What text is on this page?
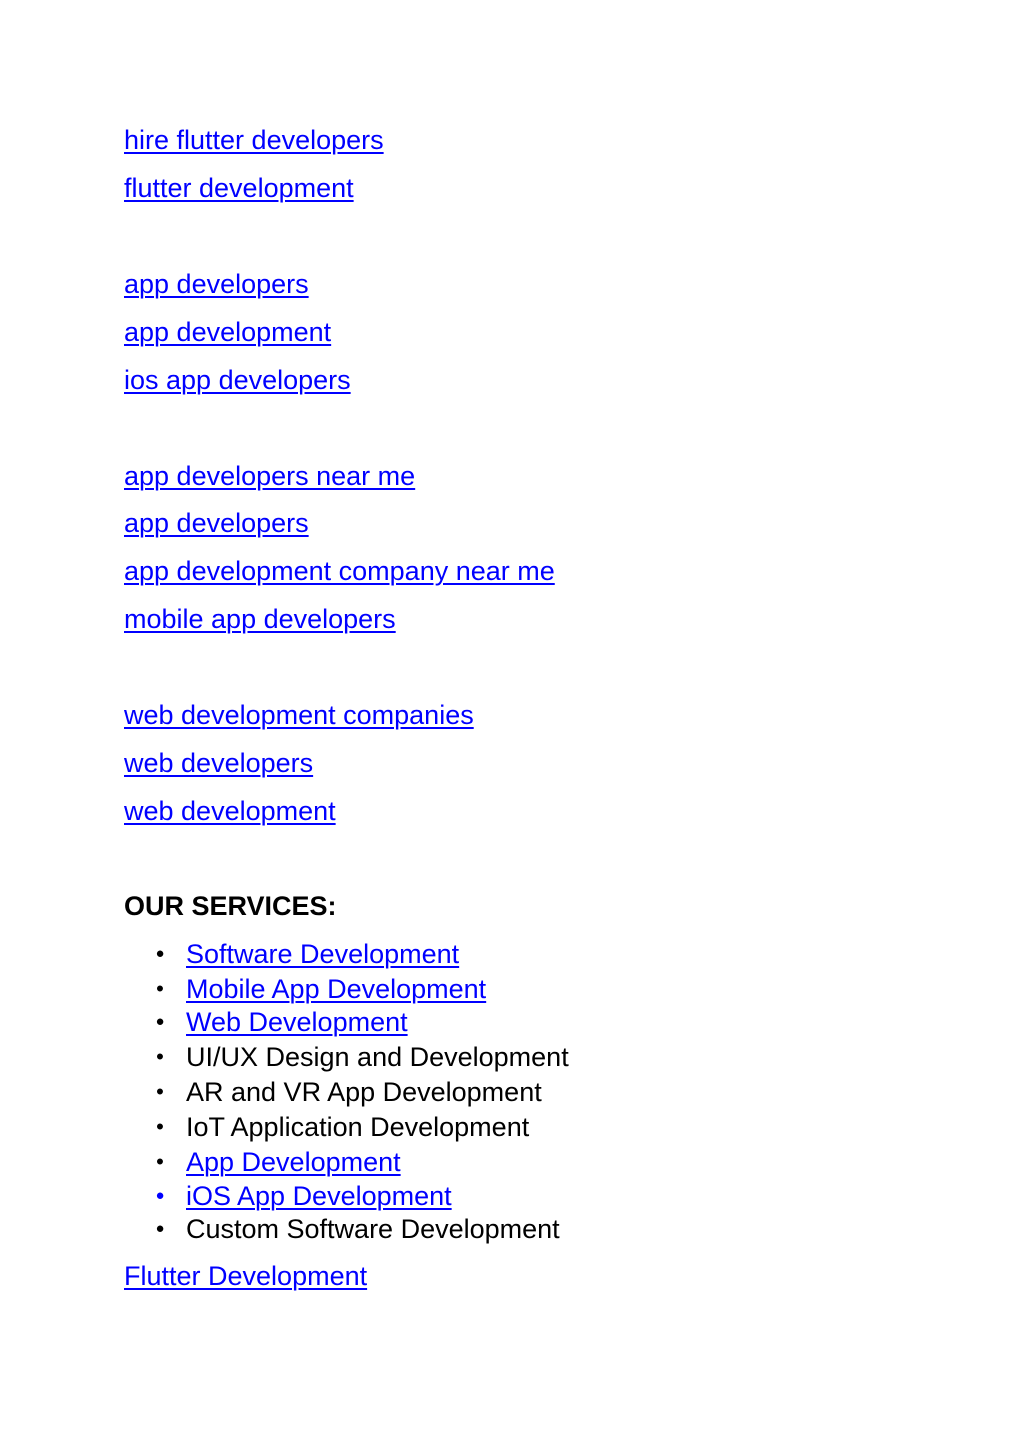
hire flutter developers
flutter development
app developers
app development
ios app developers
app developers near me
app developers
app development company near me
mobile app developers
web development companies
web developers
web development
OUR SERVICES:
● Software Development
• Mobile App Development
● Web Development
• UI/UX Design and Development
• AR and VR App Development
• IoT Application Development
• App Development
● iOS App Development
● Custom Software Development
Flutter Development
